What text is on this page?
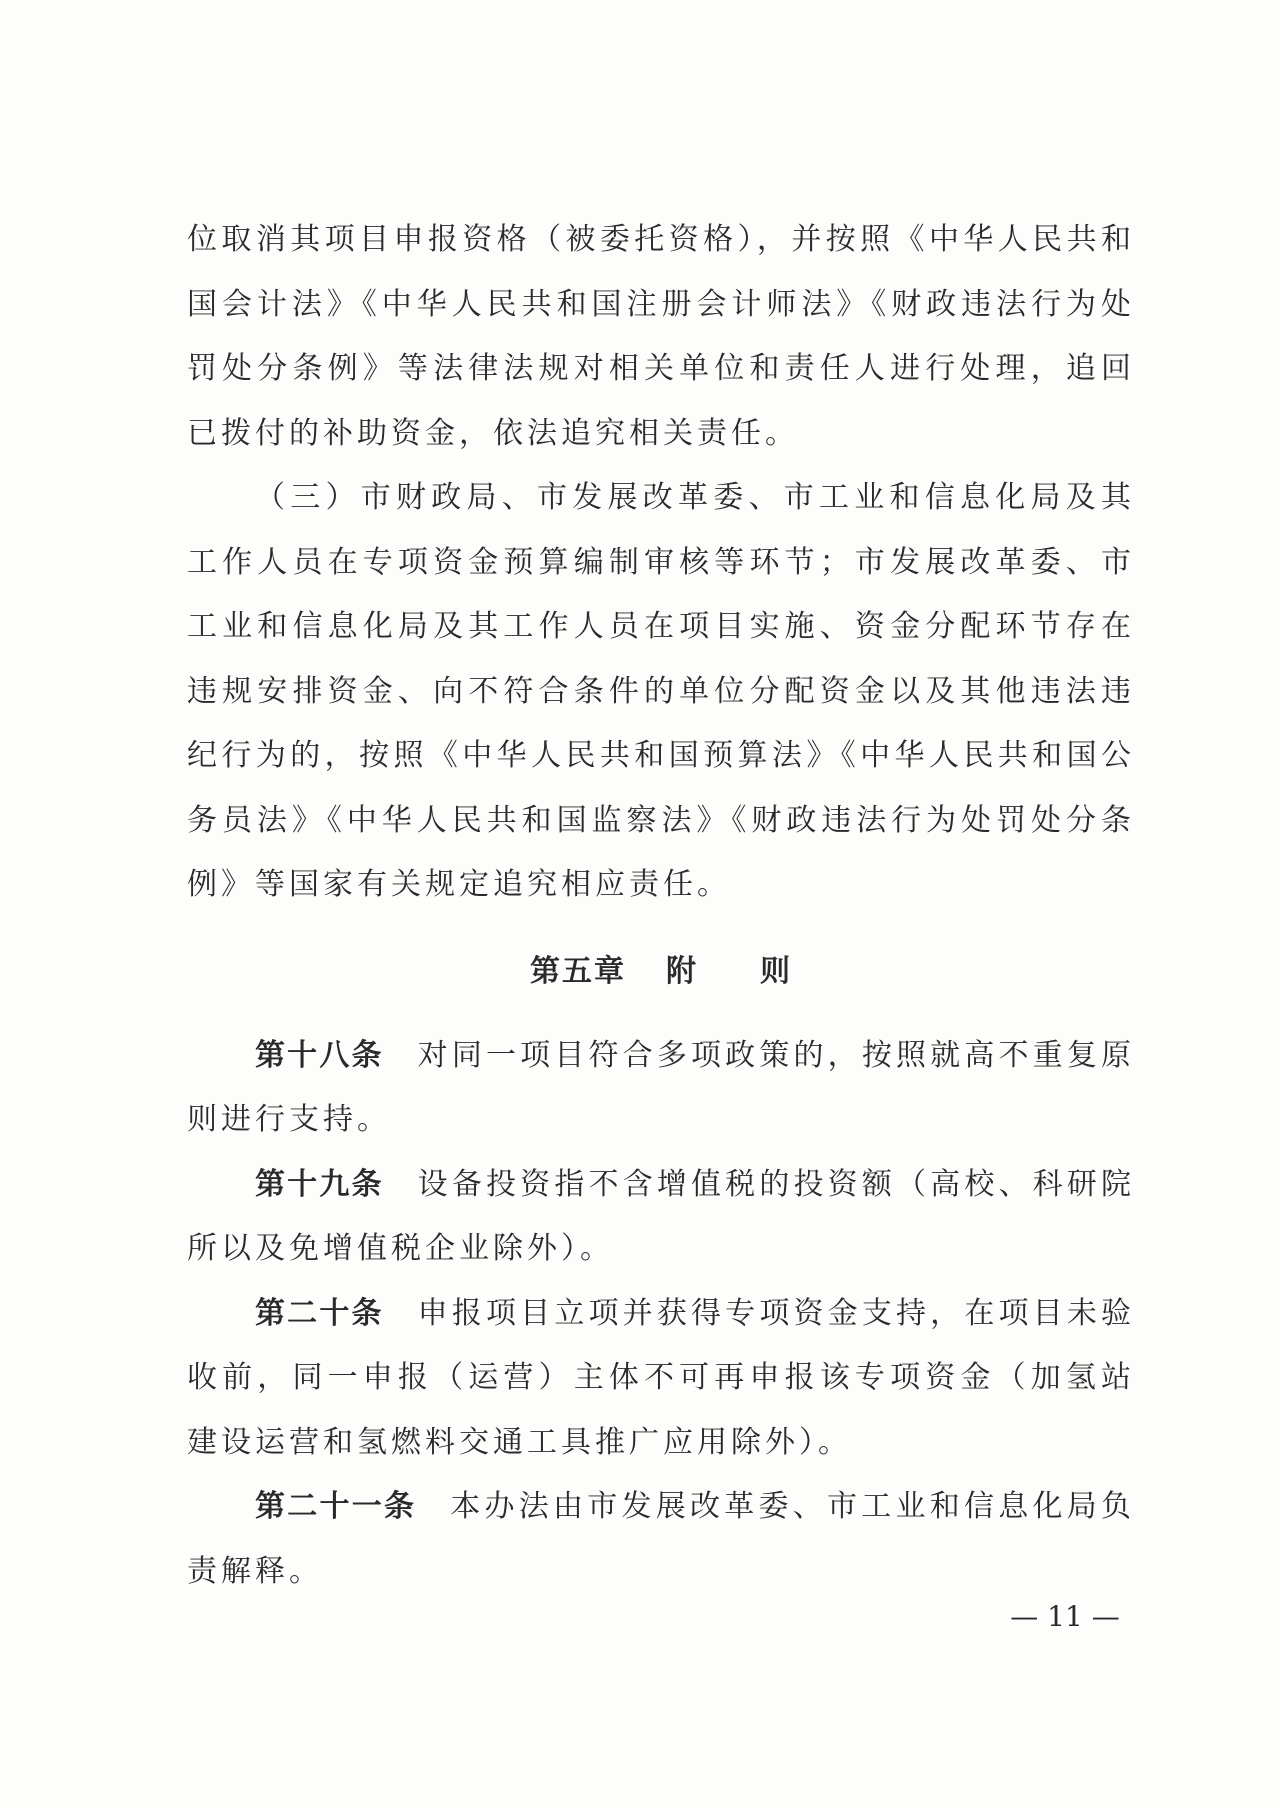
位取消其项目申报资格（被委托资格），并按照《中华人民共和国会计法》《中华人民共和国注册会计师法》《财政违法行为处罚处分条例》等法律法规对相关单位和责任人进行处理，追回已拨付的补助资金，依法追究相关责任。

（三）市财政局、市发展改革委、市工业和信息化局及其工作人员在专项资金预算编制审核等环节；市发展改革委、市工业和信息化局及其工作人员在项目实施、资金分配环节存在违规安排资金、向不符合条件的单位分配资金以及其他违法违纪行为的，按照《中华人民共和国预算法》《中华人民共和国公务员法》《中华人民共和国监察法》《财政违法行为处罚处分条例》等国家有关规定追究相应责任。

第五章 附 则

第十八条 对同一项目符合多项政策的，按照就高不重复原则进行支持。

第十九条 设备投资指不含增值税的投资额（高校、科研院所以及免增值税企业除外）。

第二十条 申报项目立项并获得专项资金支持，在项目未验收前，同一申报（运营）主体不可再申报该专项资金（加氢站建设运营和氢燃料交通工具推广应用除外）。

第二十一条 本办法由市发展改革委、市工业和信息化局负责解释。

— 11 —
